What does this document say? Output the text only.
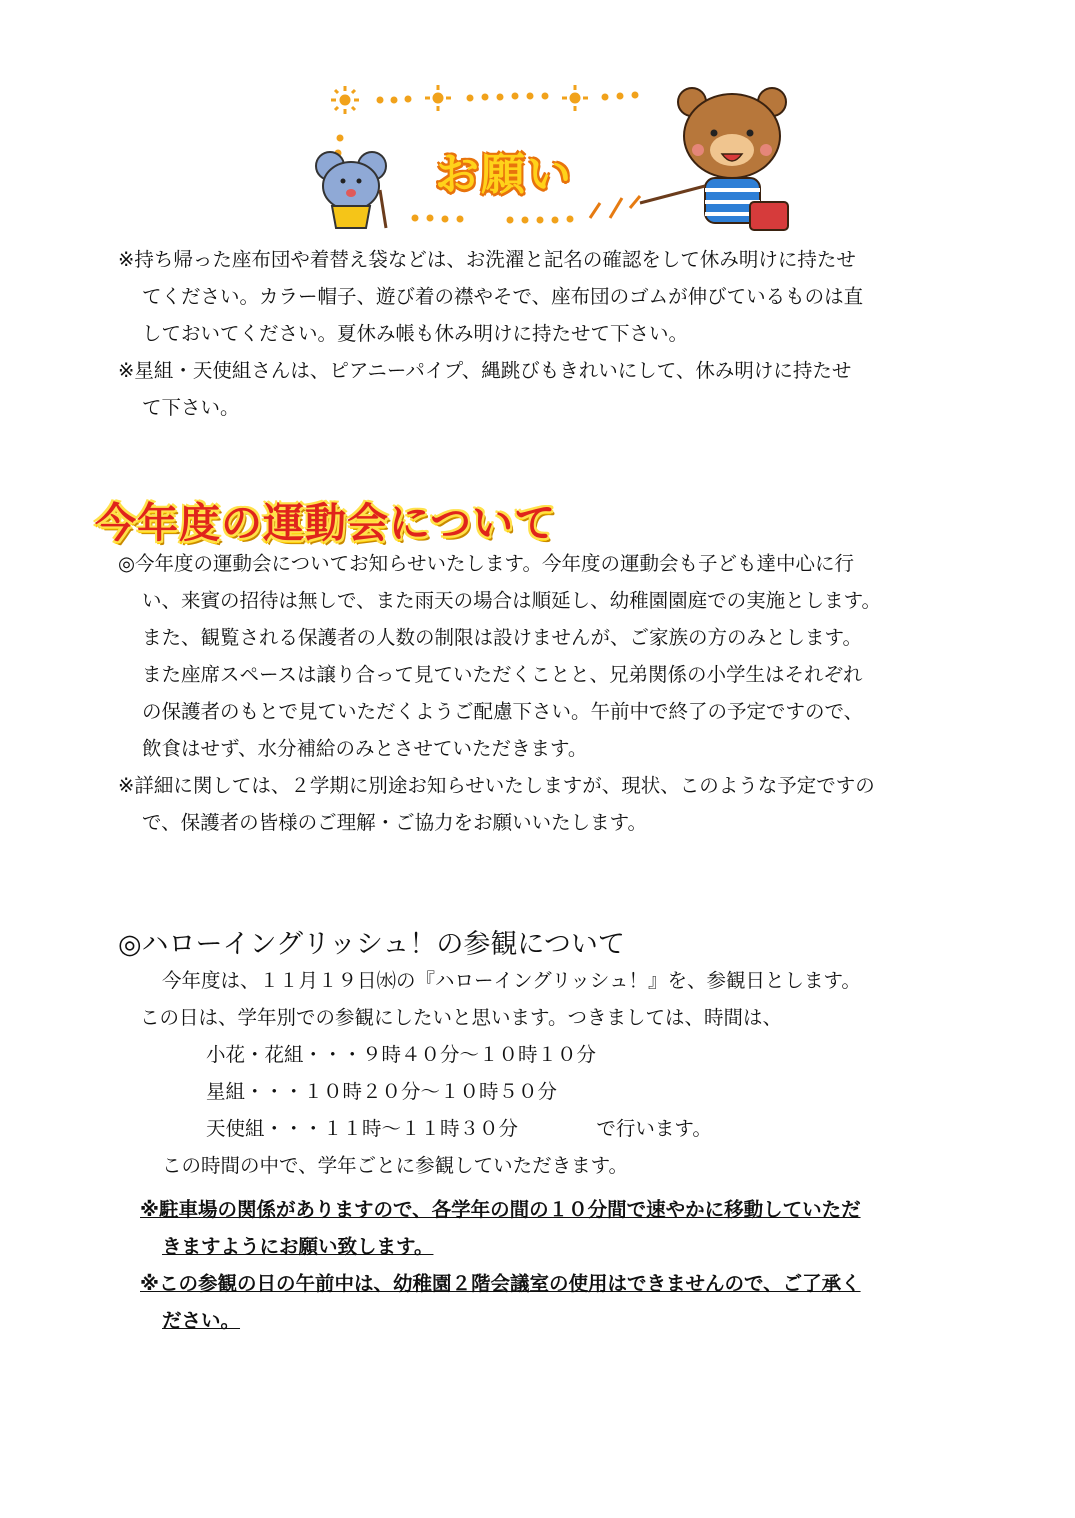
お願い
※持ち帰った座布団や着替え袋などは、お洗濯と記名の確認をして休み明けに持たせ
てください。カラー帽子、遊び着の襟やそで、座布団のゴムが伸びているものは直
しておいてください。夏休み帳も休み明けに持たせて下さい。
※星組・天使組さんは、ピアニーパイプ、縄跳びもきれいにして、休み明けに持たせ
て下さい。
今年度の運動会について
◎今年度の運動会についてお知らせいたします。今年度の運動会も子ども達中心に行
い、来賓の招待は無しで、また雨天の場合は順延し、幼稚園園庭での実施とします。
また、観覧される保護者の人数の制限は設けませんが、ご家族の方のみとします。
また座席スペースは譲り合って見ていただくことと、兄弟関係の小学生はそれぞれ
の保護者のもとで見ていただくようご配慮下さい。午前中で終了の予定ですので、
飲食はせず、水分補給のみとさせていただきます。
※詳細に関しては、２学期に別途お知らせいたしますが、現状、このような予定ですの
で、保護者の皆様のご理解・ご協力をお願いいたします。
◎ハローイングリッシュ！の参観について
今年度は、１１月１９日㈬の『ハローイングリッシュ！』を、参観日とします。
この日は、学年別での参観にしたいと思います。つきましては、時間は、
小花・花組・・・９時４０分～１０時１０分
星組・・・１０時２０分～１０時５０分
天使組・・・１１時～１１時３０分	で行います。
この時間の中で、学年ごとに参観していただきます。
※駐車場の関係がありますので、各学年の間の１０分間で速やかに移動していただ
きますようにお願い致します。
※この参観の日の午前中は、幼稚園２階会議室の使用はできませんので、ご了承く
ださい。
